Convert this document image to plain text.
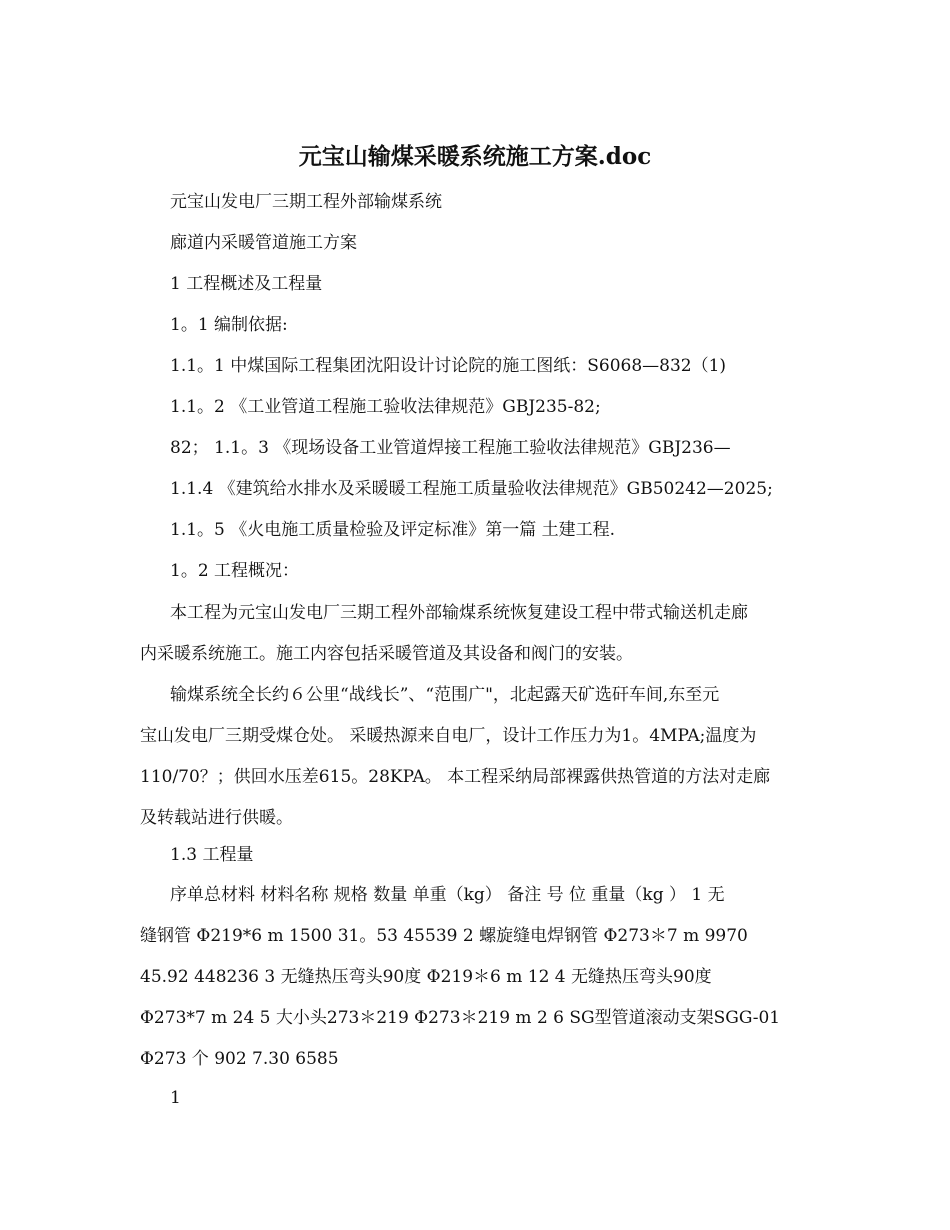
元宝山输煤采暖系统施工方案.doc
元宝山发电厂三期工程外部输煤系统
廊道内采暖管道施工方案
1 工程概述及工程量
1。1 编制依据:
1.1。1 中煤国际工程集团沈阳设计讨论院的施工图纸：S6068—832（1)
1.1。2 《工业管道工程施工验收法律规范》GBJ235-82;
82； 1.1。3 《现场设备工业管道焊接工程施工验收法律规范》GBJ236—
1.1.4 《建筑给水排水及采暖暖工程施工质量验收法律规范》GB50242—2025;
1.1。5 《火电施工质量检验及评定标准》第一篇 土建工程.
1。2 工程概况：
本工程为元宝山发电厂三期工程外部输煤系统恢复建设工程中带式输送机走廊
内采暖系统施工。施工内容包括采暖管道及其设备和阀门的安装。
输煤系统全长约６公里“战线长”、“范围广"，北起露天矿选矸车间,东至元
宝山发电厂三期受煤仓处。 采暖热源来自电厂，设计工作压力为1。4MPA;温度为
110/70？；供回水压差615。28KPA。 本工程采纳局部裸露供热管道的方法对走廊
及转载站进行供暖。
1.3 工程量
序单总材料 材料名称 规格 数量 单重（kg） 备注 号 位 重量（kg ） 1 无
缝钢管 Φ219*6 m 1500 31。53 45539 2 螺旋缝电焊钢管 Φ273＊7 m 9970
45.92 448236 3 无缝热压弯头90度 Φ219＊6 m 12 4 无缝热压弯头90度
Φ273*7 m 24 5 大小头273＊219 Φ273＊219 m 2 6 SG型管道滚动支架SGG-01
Φ273 个 902 7.30 6585
1
